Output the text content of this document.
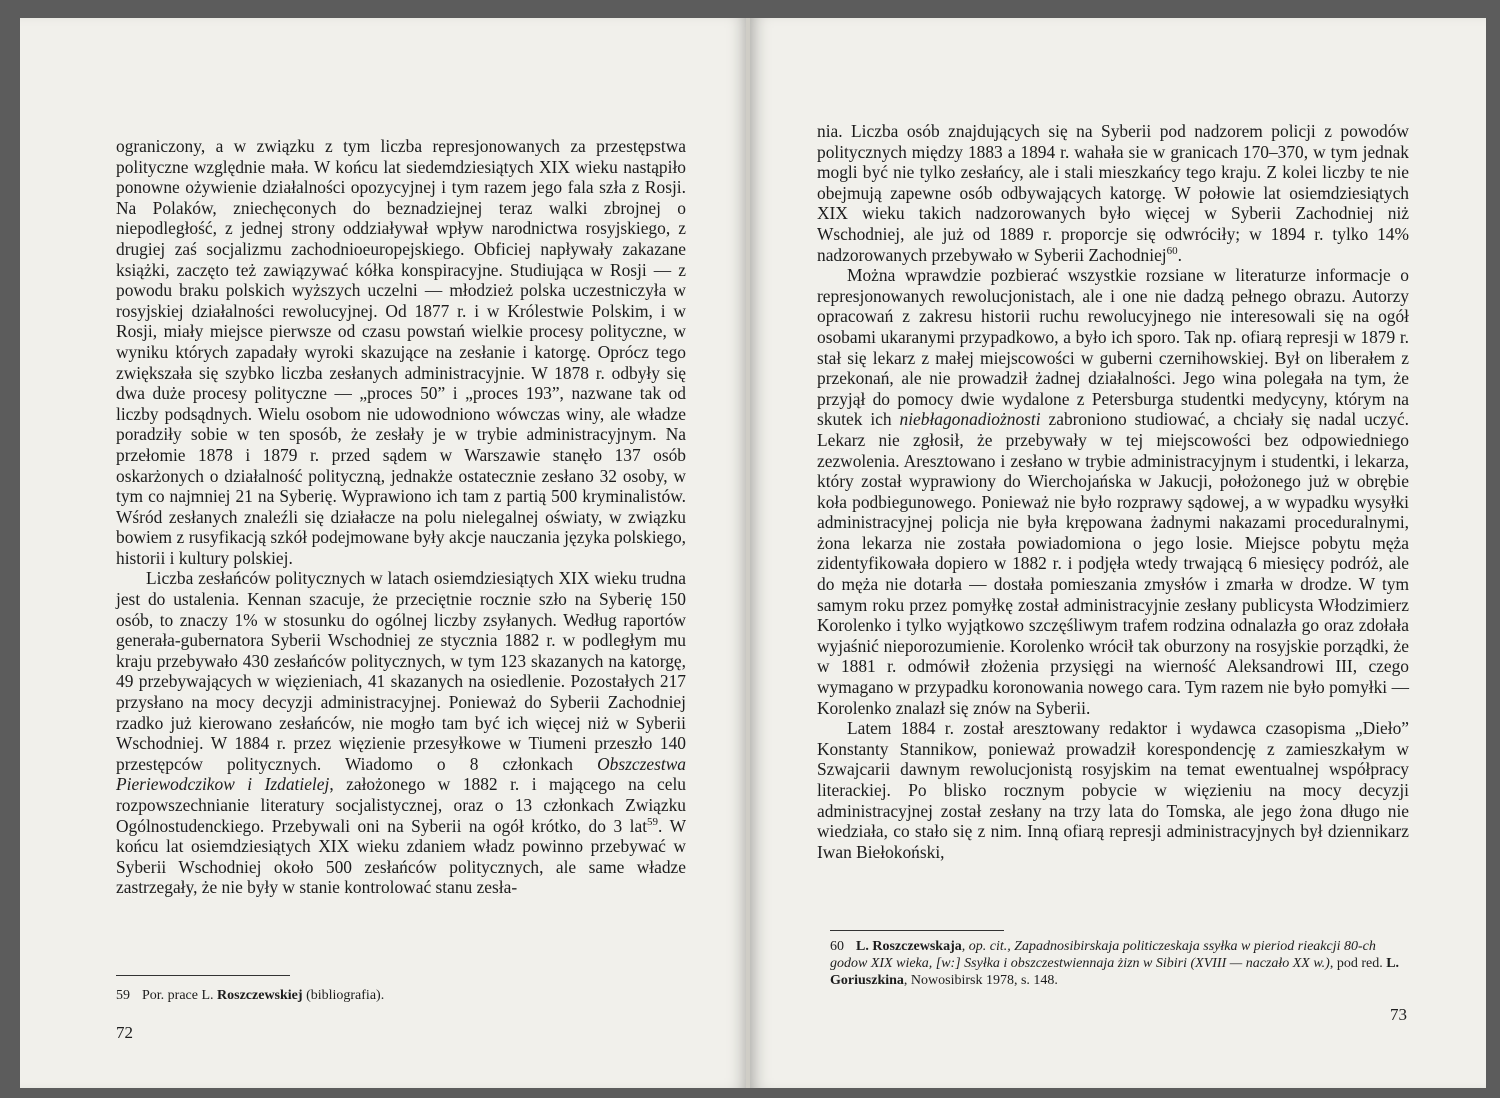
ograniczony, a w związku z tym liczba represjonowanych za przestępstwa polityczne względnie mała. W końcu lat siedemdziesiątych XIX wieku nastąpiło ponowne ożywienie działalności opozycyjnej i tym razem jego fala szła z Rosji. Na Polaków, zniechęconych do beznadziejnej teraz walki zbrojnej o niepodległość, z jednej strony oddziaływał wpływ narodnictwa rosyjskiego, z drugiej zaś socjalizmu zachodnioeuropejskiego. Obficiej napływały zakazane książki, zaczęto też zawiązywać kółka konspiracyjne. Studiująca w Rosji — z powodu braku polskich wyższych uczelni — młodzież polska uczestniczyła w rosyjskiej działalności rewolucyjnej. Od 1877 r. i w Królestwie Polskim, i w Rosji, miały miejsce pierwsze od czasu powstań wielkie procesy polityczne, w wyniku których zapadały wyroki skazujące na zesłanie i katorgę. Oprócz tego zwiększała się szybko liczba zesłanych administracyjnie. W 1878 r. odbyły się dwa duże procesy polityczne — „proces 50” i „proces 193”, nazwane tak od liczby podsądnych. Wielu osobom nie udowodniono wówczas winy, ale władze poradziły sobie w ten sposób, że zesłały je w trybie administracyjnym. Na przełomie 1878 i 1879 r. przed sądem w Warszawie stanęło 137 osób oskarżonych o działalność polityczną, jednakże ostatecznie zesłano 32 osoby, w tym co najmniej 21 na Syberię. Wyprawiono ich tam z partią 500 kryminalistów. Wśród zesłanych znaleźli się działacze na polu nielegalnej oświaty, w związku bowiem z rusyfikacją szkół podejmowane były akcje nauczania języka polskiego, historii i kultury polskiej.

Liczba zesłańców politycznych w latach osiemdziesiątych XIX wieku trudna jest do ustalenia. Kennan szacuje, że przeciętnie rocznie szło na Syberię 150 osób, to znaczy 1% w stosunku do ogólnej liczby zsyłanych. Według raportów generała-gubernatora Syberii Wschodniej ze stycznia 1882 r. w podległym mu kraju przebywało 430 zesłańców politycznych, w tym 123 skazanych na katorgę, 49 przebywających w więzieniach, 41 skazanych na osiedlenie. Pozostałych 217 przysłano na mocy decyzji administracyjnej. Ponieważ do Syberii Zachodniej rzadko już kierowano zesłańców, nie mogło tam być ich więcej niż w Syberii Wschodniej. W 1884 r. przez więzienie przesyłkowe w Tiumeni przeszło 140 przestępców politycznych. Wiadomo o 8 członkach Obszczestwa Pieriewodczikow i Izdatielej, założonego w 1882 r. i mającego na celu rozpowszechnianie literatury socjalistycznej, oraz o 13 członkach Związku Ogólnostudenckiego. Przebywali oni na Syberii na ogół krótko, do 3 lat$^{59}$. W końcu lat osiemdziesiątych XIX wieku zdaniem władz powinno przebywać w Syberii Wschodniej około 500 zesłańców politycznych, ale same władze zastrzegały, że nie były w stanie kontrolować stanu zesła-

59 Por. prace L. Roszczewskiej (bibliografia).
72

nia. Liczba osób znajdujących się na Syberii pod nadzorem policji z powodów politycznych między 1883 a 1894 r. wahała sie w granicach 170–370, w tym jednak mogli być nie tylko zesłańcy, ale i stali mieszkańcy tego kraju. Z kolei liczby te nie obejmują zapewne osób odbywających katorgę. W połowie lat osiemdziesiątych XIX wieku takich nadzorowanych było więcej w Syberii Zachodniej niż Wschodniej, ale już od 1889 r. proporcje się odwróciły; w 1894 r. tylko 14% nadzorowanych przebywało w Syberii Zachodniej$^{60}$.

Można wprawdzie pozbierać wszystkie rozsiane w literaturze informacje o represjonowanych rewolucjonistach, ale i one nie dadzą pełnego obrazu. Autorzy opracowań z zakresu historii ruchu rewolucyjnego nie interesowali się na ogół osobami ukaranymi przypadkowo, a było ich sporo. Tak np. ofiarą represji w 1879 r. stał się lekarz z małej miejscowości w guberni czernihowskiej. Był on liberałem z przekonań, ale nie prowadził żadnej działalności. Jego wina polegała na tym, że przyjął do pomocy dwie wydalone z Petersburga studentki medycyny, którym na skutek ich niebłagonadiożnosti zabroniono studiować, a chciały się nadal uczyć. Lekarz nie zgłosił, że przebywały w tej miejscowości bez odpowiedniego zezwolenia. Aresztowano i zesłano w trybie administracyjnym i studentki, i lekarza, który został wyprawiony do Wierchojańska w Jakucji, położonego już w obrębie koła podbiegunowego. Ponieważ nie było rozprawy sądowej, a w wypadku wysyłki administracyjnej policja nie była krępowana żadnymi nakazami proceduralnymi, żona lekarza nie została powiadomiona o jego losie. Miejsce pobytu męża zidentyfikowała dopiero w 1882 r. i podjęła wtedy trwającą 6 miesięcy podróż, ale do męża nie dotarła — dostała pomieszania zmysłów i zmarła w drodze. W tym samym roku przez pomyłkę został administracyjnie zesłany publicysta Włodzimierz Korolenko i tylko wyjątkowo szczęśliwym trafem rodzina odnalazła go oraz zdołała wyjaśnić nieporozumienie. Korolenko wrócił tak oburzony na rosyjskie porządki, że w 1881 r. odmówił złożenia przysięgi na wierność Aleksandrowi III, czego wymagano w przypadku koronowania nowego cara. Tym razem nie było pomyłki — Korolenko znalazł się znów na Syberii.

Latem 1884 r. został aresztowany redaktor i wydawca czasopisma „Dieło” Konstanty Stannikow, ponieważ prowadził korespondencję z zamieszkałym w Szwajcarii dawnym rewolucjonistą rosyjskim na temat ewentualnej współpracy literackiej. Po blisko rocznym pobycie w więzieniu na mocy decyzji administracyjnej został zesłany na trzy lata do Tomska, ale jego żona długo nie wiedziała, co stało się z nim. Inną ofiarą represji administracyjnych był dziennikarz Iwan Biełokoński,

60 L. Roszczewskaja, op. cit., Zapadnosibirskaja politiczeskaja ssyłka w pieriod rieakcji 80-ch godow XIX wieka, [w:] Ssyłka i obszczestwiennaja żizn w Sibiri (XVIII — naczało XX w.), pod red. L. Goriuszkina, Nowosibirsk 1978, s. 148.
73
